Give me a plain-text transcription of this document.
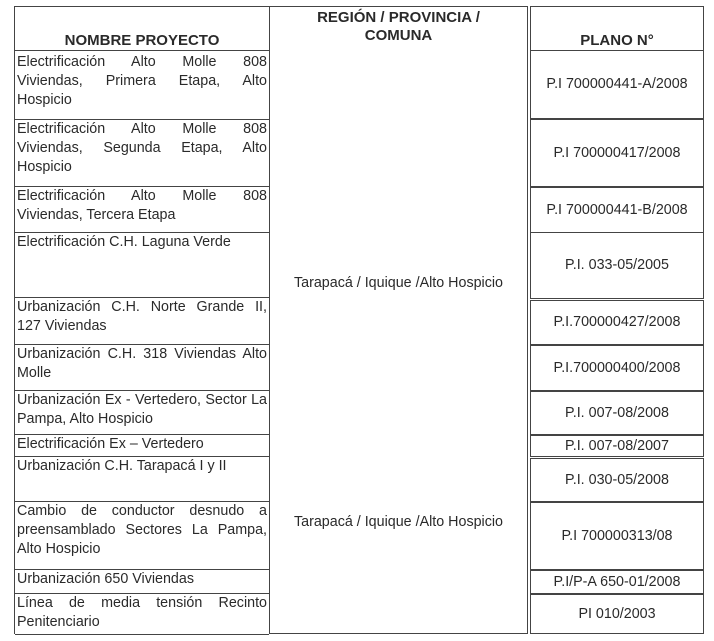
NOMBRE PROYECTO
Electrificación Alto Molle 808 Viviendas, Primera Etapa, Alto Hospicio
Electrificación Alto Molle 808 Viviendas, Segunda Etapa, Alto Hospicio
Electrificación Alto Molle 808 Viviendas, Tercera Etapa
Electrificación C.H. Laguna Verde
Urbanización C.H. Norte Grande II, 127 Viviendas
Urbanización C.H. 318 Viviendas Alto Molle
Urbanización Ex - Vertedero, Sector La Pampa, Alto Hospicio
Electrificación Ex – Vertedero
Urbanización C.H. Tarapacá I y II
Cambio de conductor desnudo a preensamblado Sectores La Pampa, Alto Hospicio
Urbanización 650 Viviendas
Línea de media tensión Recinto Penitenciario
REGIÓN / PROVINCIA /
COMUNA
Tarapacá / Iquique /Alto Hospicio
Tarapacá / Iquique /Alto Hospicio
PLANO N°
P.I 700000441-A/2008
P.I 700000417/2008
P.I 700000441-B/2008
P.I. 033-05/2005
P.I.700000427/2008
P.I.700000400/2008
P.I. 007-08/2008
P.I. 007-08/2007
P.I. 030-05/2008
P.I 700000313/08
P.I/P-A 650-01/2008
PI 010/2003
